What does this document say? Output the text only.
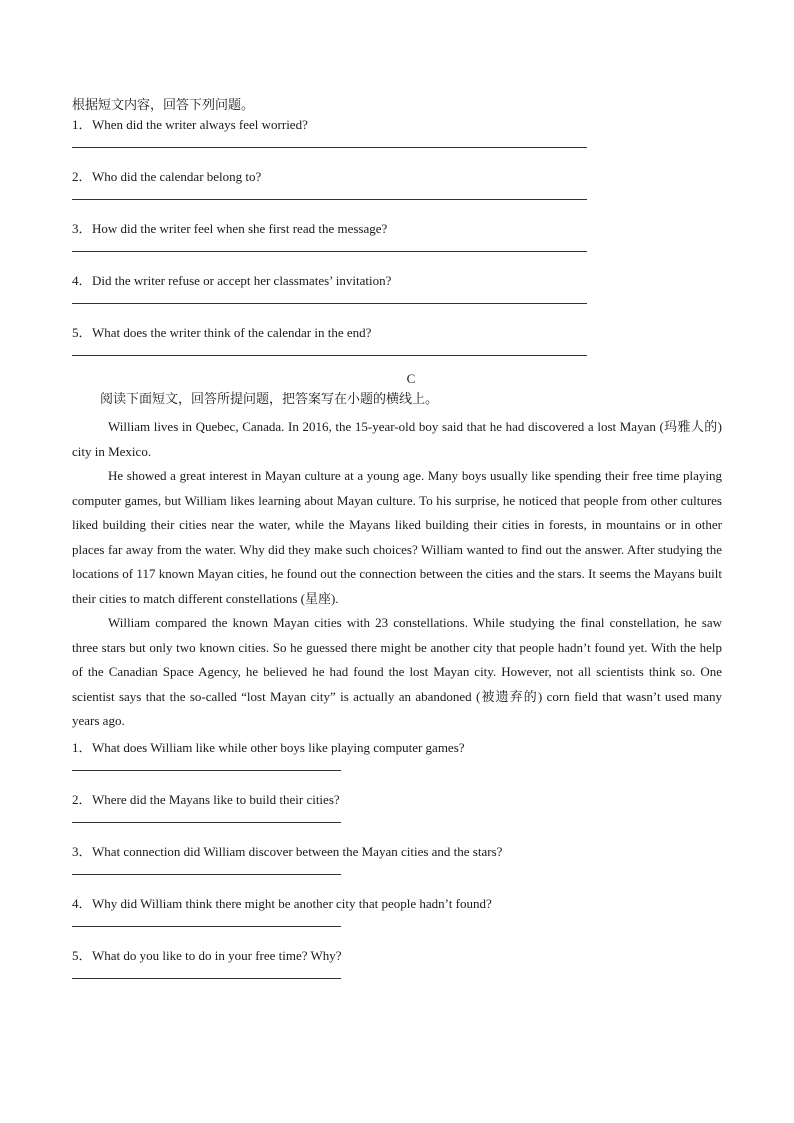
根据短文内容，回答下列问题。

1．When did the writer always feel worried?

2．Who did the calendar belong to?

3．How did the writer feel when she first read the message?

4．Did the writer refuse or accept her classmates’ invitation?

5．What does the writer think of the calendar in the end?

C

阅读下面短文，回答所提问题，把答案写在小题的横线上。

William lives in Quebec, Canada. In 2016, the 15-year-old boy said that he had discovered a lost Mayan (玛雅人的) city in Mexico.

He showed a great interest in Mayan culture at a young age. Many boys usually like spending their free time playing computer games, but William likes learning about Mayan culture. To his surprise, he noticed that people from other cultures liked building their cities near the water, while the Mayans liked building their cities in forests, in mountains or in other places far away from the water. Why did they make such choices? William wanted to find out the answer. After studying the locations of 117 known Mayan cities, he found out the connection between the cities and the stars. It seems the Mayans built their cities to match different constellations (星座).

William compared the known Mayan cities with 23 constellations. While studying the final constellation, he saw three stars but only two known cities. So he guessed there might be another city that people hadn’t found yet. With the help of the Canadian Space Agency, he believed he had found the lost Mayan city. However, not all scientists think so. One scientist says that the so-called “lost Mayan city” is actually an abandoned (被遗弃的) corn field that wasn’t used many years ago.

1．What does William like while other boys like playing computer games?

2．Where did the Mayans like to build their cities?

3．What connection did William discover between the Mayan cities and the stars?

4．Why did William think there might be another city that people hadn’t found?

5．What do you like to do in your free time? Why?
